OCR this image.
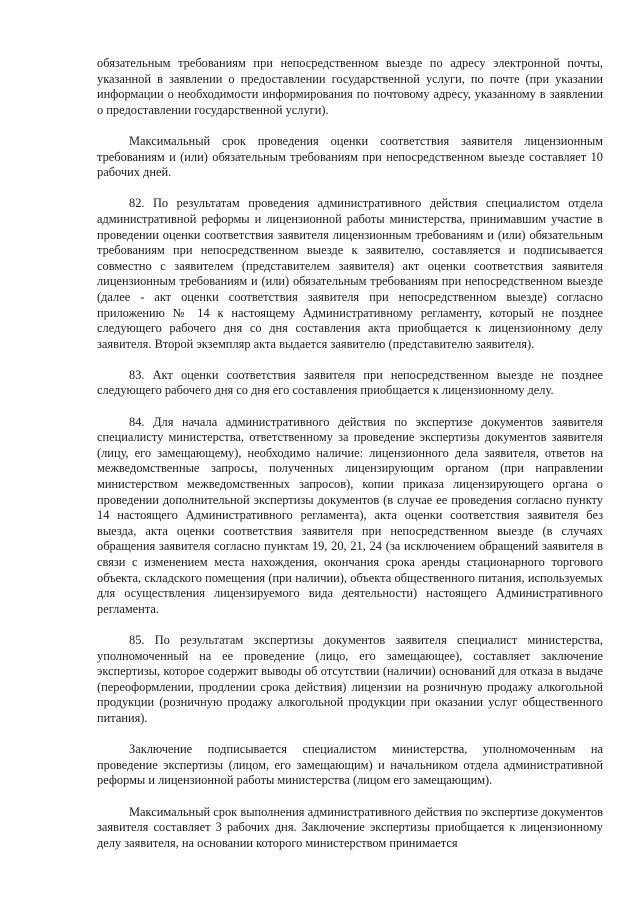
обязательным требованиям при непосредственном выезде по адресу электронной почты, указанной в заявлении о предоставлении государственной услуги, по почте (при указании информации о необходимости информирования по почтовому адресу, указанному в заявлении о предоставлении государственной услуги).

Максимальный срок проведения оценки соответствия заявителя лицензионным требованиям и (или) обязательным требованиям при непосредственном выезде составляет 10 рабочих дней.

82. По результатам проведения административного действия специалистом отдела административной реформы и лицензионной работы министерства, принимавшим участие в проведении оценки соответствия заявителя лицензионным требованиям и (или) обязательным требованиям при непосредственном выезде к заявителю, составляется и подписывается совместно с заявителем (представителем заявителя) акт оценки соответствия заявителя лицензионным требованиям и (или) обязательным требованиям при непосредственном выезде (далее - акт оценки соответствия заявителя при непосредственном выезде) согласно приложению № 14 к настоящему Административному регламенту, который не позднее следующего рабочего дня со дня составления акта приобщается к лицензионному делу заявителя. Второй экземпляр акта выдается заявителю (представителю заявителя).

83. Акт оценки соответствия заявителя при непосредственном выезде не позднее следующего рабочего дня со дня его составления приобщается к лицензионному делу.

84. Для начала административного действия по экспертизе документов заявителя специалисту министерства, ответственному за проведение экспертизы документов заявителя (лицу, его замещающему), необходимо наличие: лицензионного дела заявителя, ответов на межведомственные запросы, полученных лицензирующим органом (при направлении министерством межведомственных запросов), копии приказа лицензирующего органа о проведении дополнительной экспертизы документов (в случае ее проведения согласно пункту 14 настоящего Административного регламента), акта оценки соответствия заявителя без выезда, акта оценки соответствия заявителя при непосредственном выезде (в случаях обращения заявителя согласно пунктам 19, 20, 21, 24 (за исключением обращений заявителя в связи с изменением места нахождения, окончания срока аренды стационарного торгового объекта, складского помещения (при наличии), объекта общественного питания, используемых для осуществления лицензируемого вида деятельности) настоящего Административного регламента.

85. По результатам экспертизы документов заявителя специалист министерства, уполномоченный на ее проведение (лицо, его замещающее), составляет заключение экспертизы, которое содержит выводы об отсутствии (наличии) оснований для отказа в выдаче (переоформлении, продлении срока действия) лицензии на розничную продажу алкогольной продукции (розничную продажу алкогольной продукции при оказании услуг общественного питания).

Заключение подписывается специалистом министерства, уполномоченным на проведение экспертизы (лицом, его замещающим) и начальником отдела административной реформы и лицензионной работы министерства (лицом его замещающим).

Максимальный срок выполнения административного действия по экспертизе документов заявителя составляет 3 рабочих дня. Заключение экспертизы приобщается к лицензионному делу заявителя, на основании которого министерством принимается
